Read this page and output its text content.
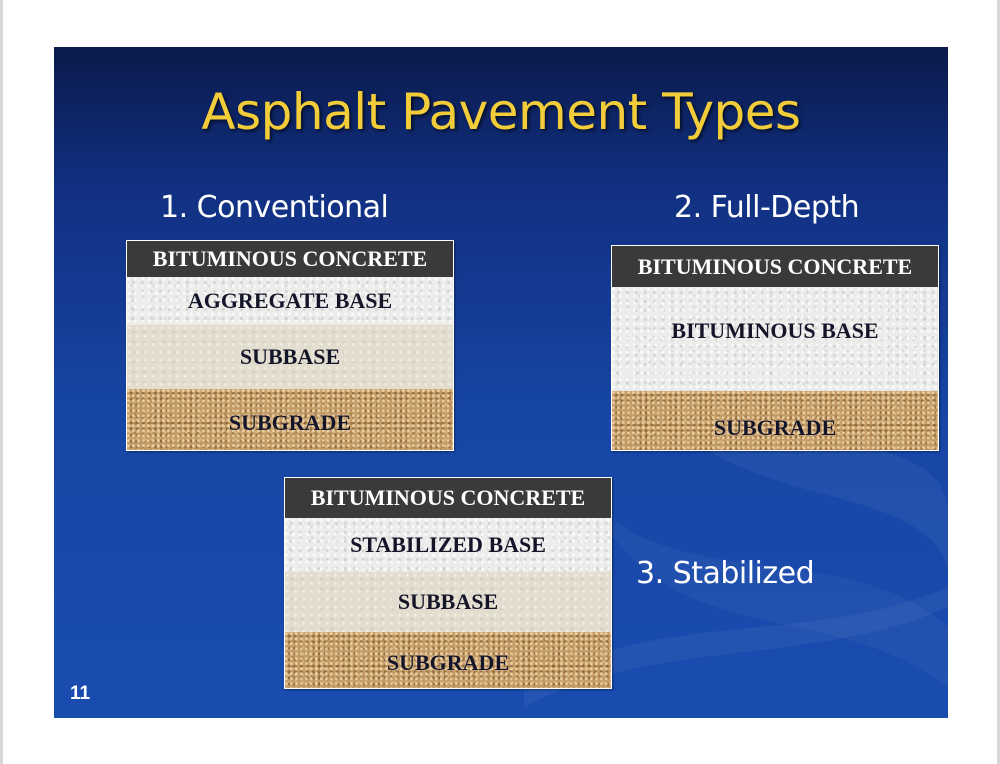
Asphalt Pavement Types
1. Conventional	2. Full-Depth
3. Stabilized
BITUMINOUS CONCRETE
AGGREGATE BASE
SUBBASE
SUBGRADE
BITUMINOUS CONCRETE
BITUMINOUS BASE
SUBGRADE
BITUMINOUS CONCRETE
STABILIZED BASE
SUBBASE
SUBGRADE
11
